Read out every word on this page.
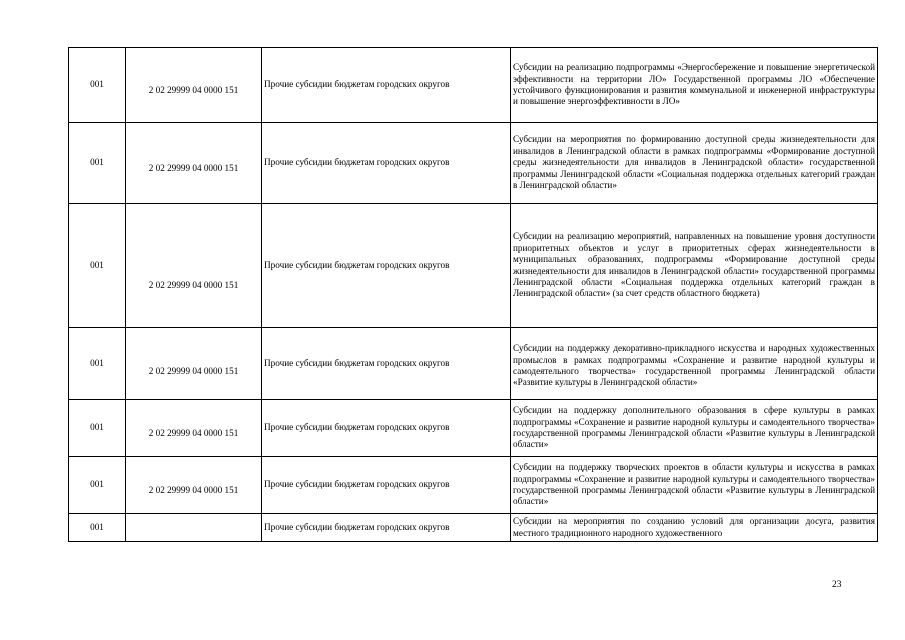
001	2 02 29999 04 0000 151	Прочие субсидии бюджетам городских округов	Субсидии на реализацию подпрограммы «Энергосбережение и повышение энергетической эффективности на территории ЛО» Государственной программы ЛО «Обеспечение устойчивого функционирования и развития коммунальной и инженерной инфраструктуры и повышение энергоэффективности в ЛО»

001	2 02 29999 04 0000 151	Прочие субсидии бюджетам городских округов	Субсидии на мероприятия по формированию доступной среды жизнедеятельности для инвалидов в Ленинградской области в рамках подпрограммы «Формирование доступной среды жизнедеятельности для инвалидов в Ленинградской области» государственной программы Ленинградской области «Социальная поддержка отдельных категорий граждан в Ленинградской области»

001	2 02 29999 04 0000 151	Прочие субсидии бюджетам городских округов	Субсидии на реализацию мероприятий, направленных на повышение уровня доступности приоритетных объектов и услуг в приоритетных сферах жизнедеятельности в муниципальных образованиях, подпрограммы «Формирование доступной среды жизнедеятельности для инвалидов в Ленинградской области» государственной программы Ленинградской области «Социальная поддержка отдельных категорий граждан в Ленинградской области» (за счет средств областного бюджета)

001	2 02 29999 04 0000 151	Прочие субсидии бюджетам городских округов	Субсидии на поддержку декоративно-прикладного искусства и народных художественных промыслов в рамках подпрограммы «Сохранение и развитие народной культуры и самодеятельного творчества» государственной программы Ленинградской области «Развитие культуры в Ленинградской области»

001	2 02 29999 04 0000 151	Прочие субсидии бюджетам городских округов	Субсидии на поддержку дополнительного образования в сфере культуры в рамках подпрограммы «Сохранение и развитие народной культуры и самодеятельного творчества» государственной программы Ленинградской области «Развитие культуры в Ленинградской области»

001	2 02 29999 04 0000 151	Прочие субсидии бюджетам городских округов	Субсидии на поддержку творческих проектов в области культуры и искусства в рамках подпрограммы «Сохранение и развитие народной культуры и самодеятельного творчества» государственной программы Ленинградской области «Развитие культуры в Ленинградской области»

001		Прочие субсидии бюджетам городских округов	Субсидии на мероприятия по созданию условий для организации досуга, развития местного традиционного народного художественного
23
